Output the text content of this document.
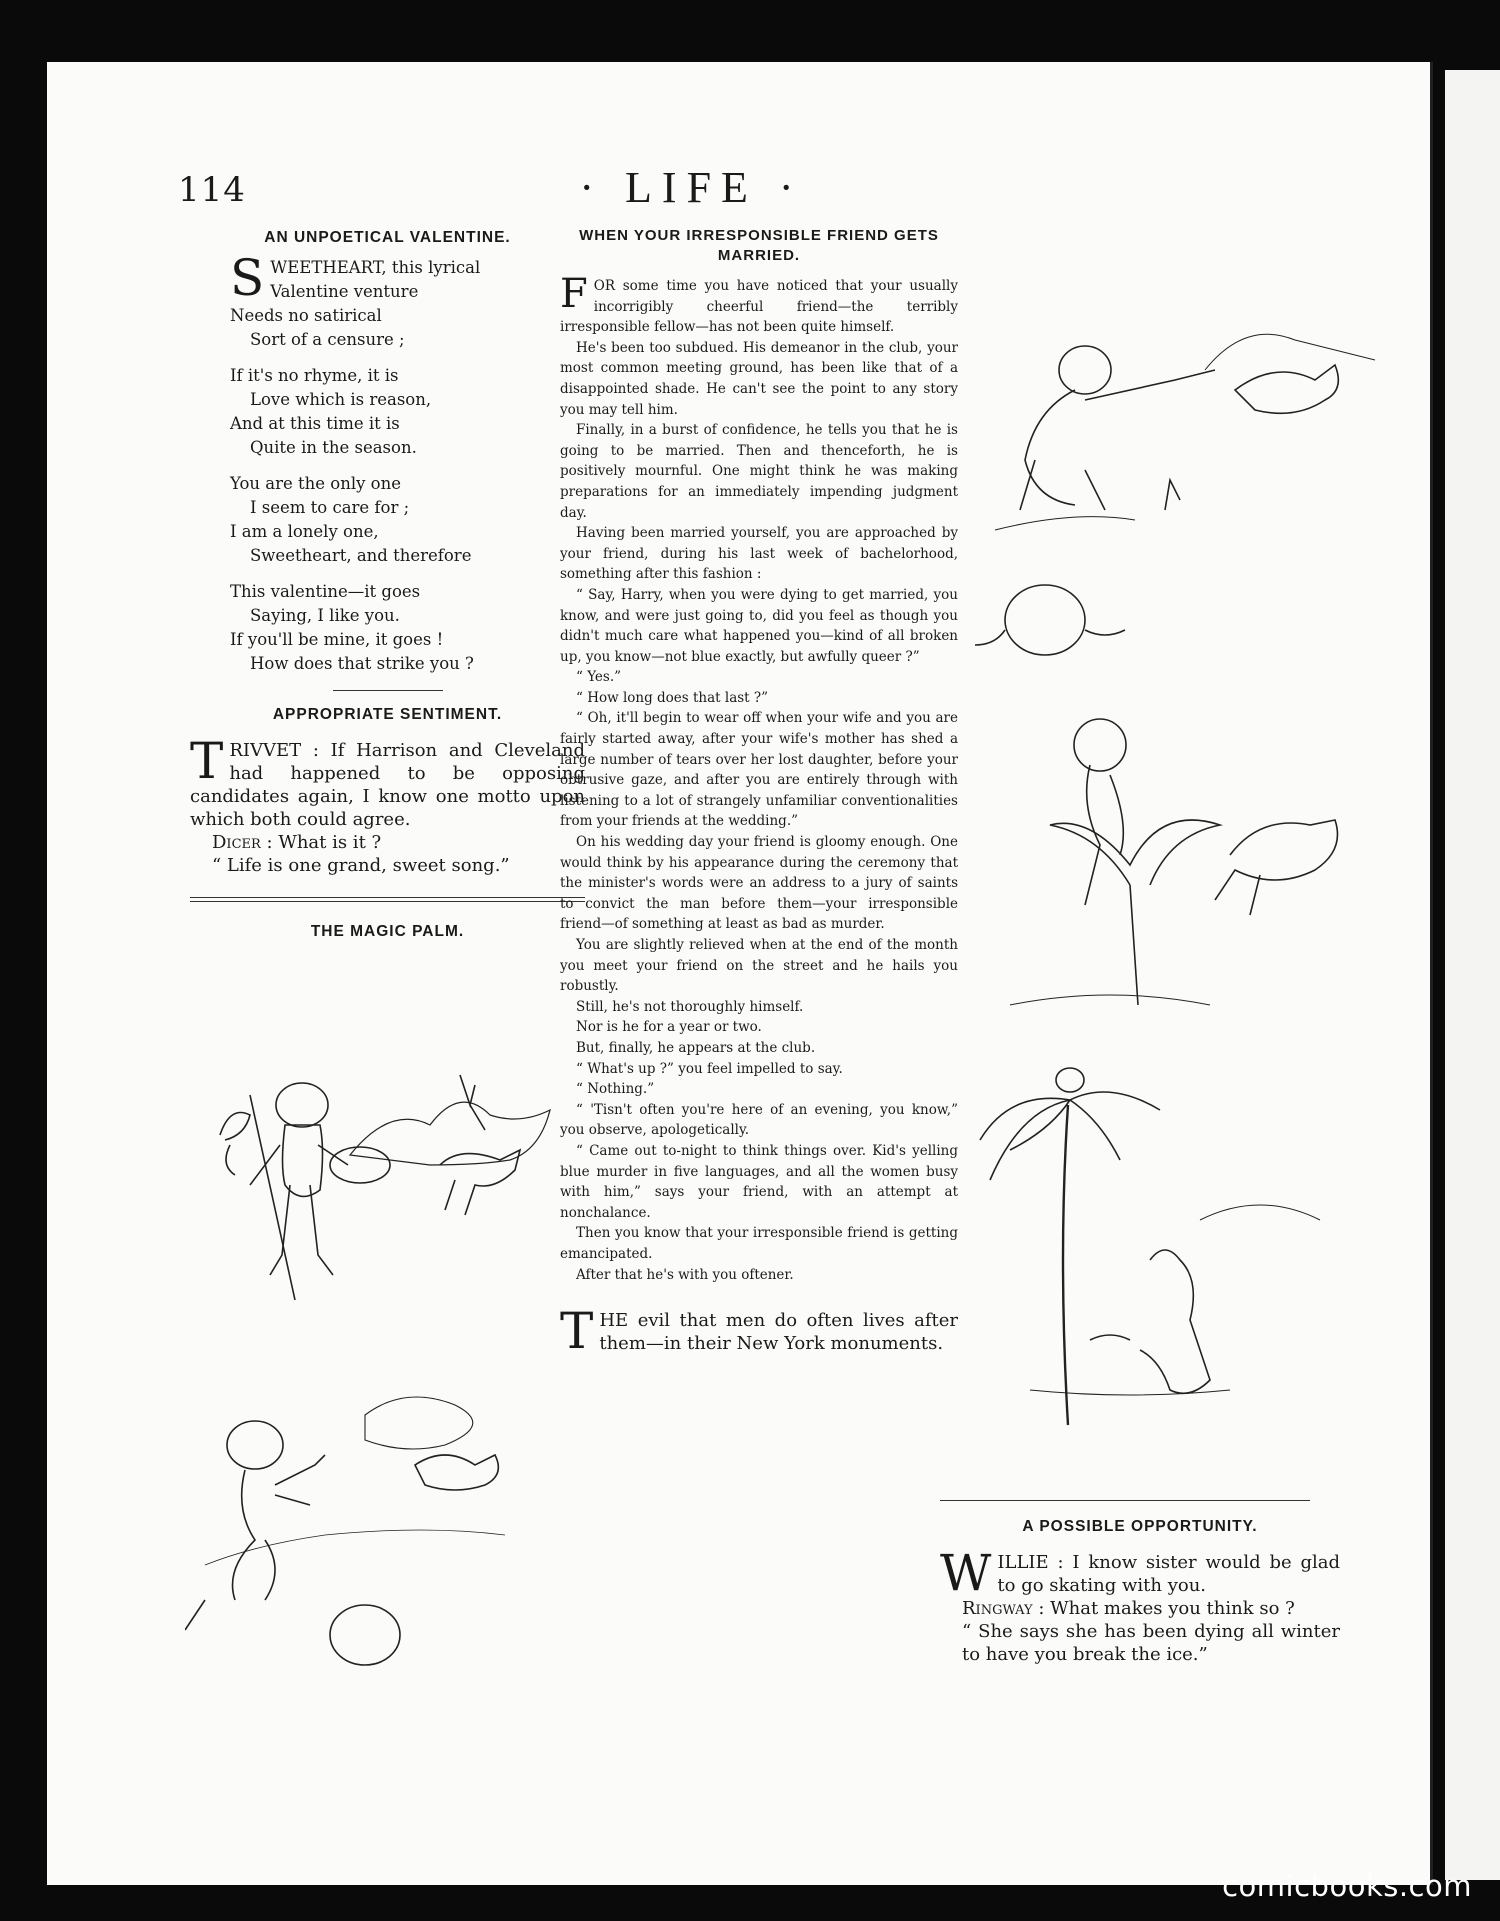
114	· LIFE ·
AN UNPOETICAL VALENTINE.
S WEETHEART, this lyrical
Valentine venture
Needs no satirical
Sort of a censure ;
If it's no rhyme, it is
Love which is reason,
And at this time it is
Quite in the season.
You are the only one
I seem to care for ;
I am a lonely one,
Sweetheart, and therefore
This valentine—it goes
Saying, I like you.
If you'll be mine, it goes !
How does that strike you ?
APPROPRIATE SENTIMENT.
TRIVVET : If Harrison and Cleveland had happened to be opposing candidates again, I know one motto upon which both could agree.
Dicer : What is it ?
“ Life is one grand, sweet song.”
THE MAGIC PALM.
WHEN YOUR IRRESPONSIBLE FRIEND GETS MARRIED.

FOR some time you have noticed that your usually incorrigibly cheerful friend—the terribly irresponsible fellow—has not been quite himself.

He's been too subdued. His demeanor in the club, your most common meeting ground, has been like that of a disappointed shade. He can't see the point to any story you may tell him.

Finally, in a burst of confidence, he tells you that he is going to be married. Then and thenceforth, he is positively mournful. One might think he was making preparations for an immediately impending judgment day.

Having been married yourself, you are approached by your friend, during his last week of bachelorhood, something after this fashion :

“ Say, Harry, when you were dying to get married, you know, and were just going to, did you feel as though you didn't much care what happened you—kind of all broken up, you know—not blue exactly, but awfully queer ?”

“ Yes.”

“ How long does that last ?”

“ Oh, it'll begin to wear off when your wife and you are fairly started away, after your wife's mother has shed a large number of tears over her lost daughter, before your obtrusive gaze, and after you are entirely through with listening to a lot of strangely unfamiliar conventionalities from your friends at the wedding.”

On his wedding day your friend is gloomy enough. One would think by his appearance during the ceremony that the minister's words were an address to a jury of saints to convict the man before them—your irresponsible friend—of something at least as bad as murder.

You are slightly relieved when at the end of the month you meet your friend on the street and he hails you robustly.

Still, he's not thoroughly himself.

Nor is he for a year or two.

But, finally, he appears at the club.

“ What's up ?” you feel impelled to say.

“ Nothing.”

“ 'Tisn't often you're here of an evening, you know,” you observe, apologetically.

“ Came out to-night to think things over. Kid's yelling blue murder in five languages, and all the women busy with him,” says your friend, with an attempt at nonchalance.

Then you know that your irresponsible friend is getting emancipated.

After that he's with you oftener.

THE evil that men do often lives after them—in their New York monuments.
A POSSIBLE OPPORTUNITY.
WILLIE : I know sister would be glad to go skating with you.
Ringway : What makes you think so ?
“ She says she has been dying all winter to have you break the ice.”
comicbooks.com
